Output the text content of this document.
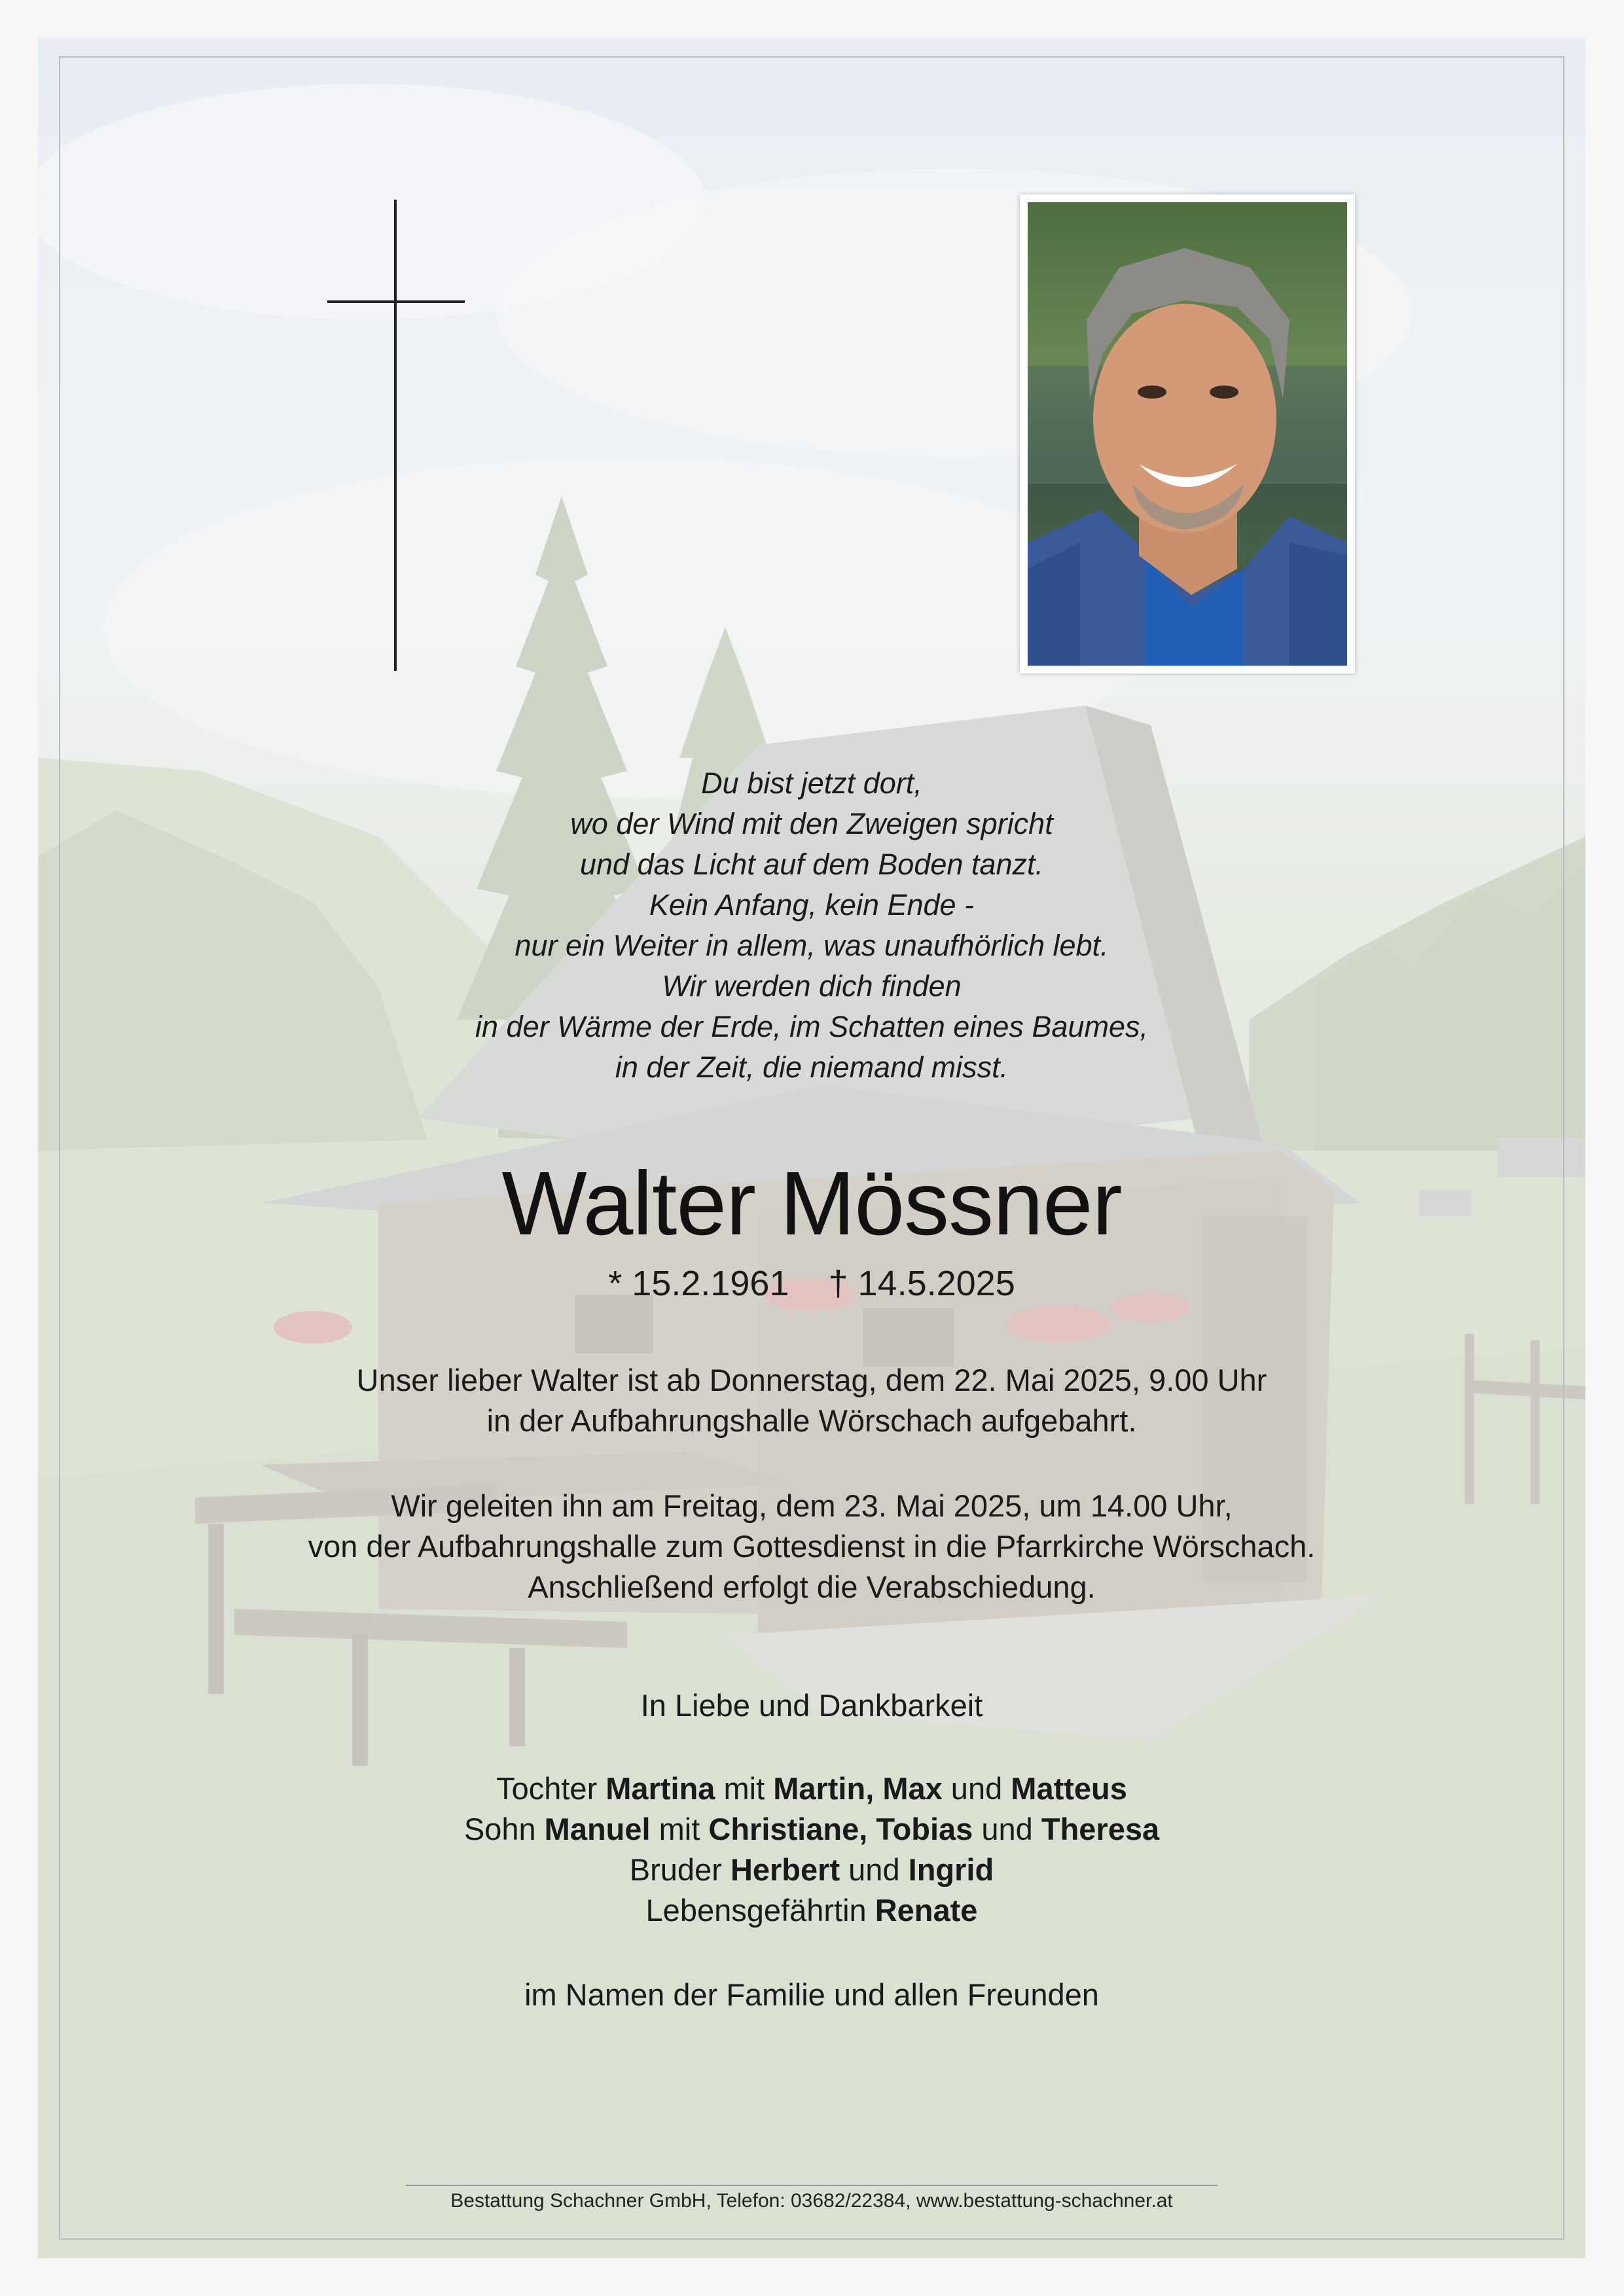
Du bist jetzt dort,
wo der Wind mit den Zweigen spricht
und das Licht auf dem Boden tanzt.
Kein Anfang, kein Ende -
nur ein Weiter in allem, was unaufhörlich lebt.
Wir werden dich finden
in der Wärme der Erde, im Schatten eines Baumes,
in der Zeit, die niemand misst.
Walter Mössner
* 15.2.1961 † 14.5.2025
Unser lieber Walter ist ab Donnerstag, dem 22. Mai 2025, 9.00 Uhr
in der Aufbahrungshalle Wörschach aufgebahrt.
Wir geleiten ihn am Freitag, dem 23. Mai 2025, um 14.00 Uhr,
von der Aufbahrungshalle zum Gottesdienst in die Pfarrkirche Wörschach.
Anschließend erfolgt die Verabschiedung.
In Liebe und Dankbarkeit
Tochter Martina mit Martin, Max und Matteus
Sohn Manuel mit Christiane, Tobias und Theresa
Bruder Herbert und Ingrid
Lebensgefährtin Renate
im Namen der Familie und allen Freunden
Bestattung Schachner GmbH, Telefon: 03682/22384, www.bestattung-schachner.at
